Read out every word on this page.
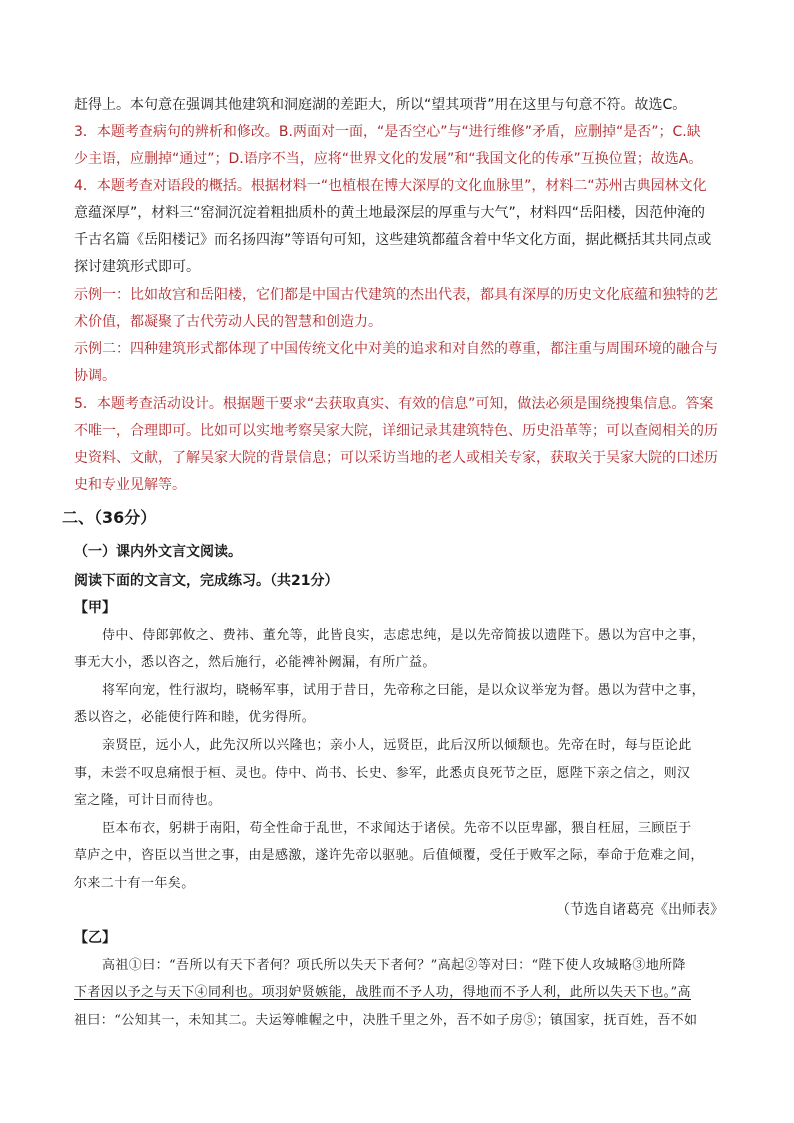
赶得上。本句意在强调其他建筑和洞庭湖的差距大，所以“望其项背”用在这里与句意不符。故选C。
3．本题考查病句的辨析和修改。B.两面对一面，“是否空心”与“进行维修”矛盾，应删掉“是否”；C.缺
少主语，应删掉“通过”；D.语序不当，应将“世界文化的发展”和“我国文化的传承”互换位置；故选A。
4．本题考查对语段的概括。根据材料一“也植根在博大深厚的文化血脉里”，材料二“苏州古典园林文化
意蕴深厚”，材料三“窑洞沉淀着粗拙质朴的黄土地最深层的厚重与大气”，材料四“岳阳楼，因范仲淹的
千古名篇《岳阳楼记》而名扬四海”等语句可知，这些建筑都蕴含着中华文化方面，据此概括其共同点或
探讨建筑形式即可。
示例一：比如故宫和岳阳楼，它们都是中国古代建筑的杰出代表，都具有深厚的历史文化底蕴和独特的艺
术价值，都凝聚了古代劳动人民的智慧和创造力。
示例二：四种建筑形式都体现了中国传统文化中对美的追求和对自然的尊重，都注重与周围环境的融合与
协调。
5．本题考查活动设计。根据题干要求“去获取真实、有效的信息”可知，做法必须是围绕搜集信息。答案
不唯一，合理即可。比如可以实地考察吴家大院，详细记录其建筑特色、历史沿革等；可以查阅相关的历
史资料、文献，了解吴家大院的背景信息；可以采访当地的老人或相关专家，获取关于吴家大院的口述历
史和专业见解等。
二、（36分）
（一）课内外文言文阅读。
阅读下面的文言文，完成练习。（共21分）
【甲】
侍中、侍郎郭攸之、费祎、董允等，此皆良实，志虑忠纯，是以先帝简拔以遗陛下。愚以为宫中之事，
事无大小，悉以咨之，然后施行，必能裨补阙漏，有所广益。
将军向宠，性行淑均，晓畅军事，试用于昔日，先帝称之曰能，是以众议举宠为督。愚以为营中之事，
悉以咨之，必能使行阵和睦，优劣得所。
亲贤臣，远小人，此先汉所以兴隆也；亲小人，远贤臣，此后汉所以倾颓也。先帝在时，每与臣论此
事，未尝不叹息痛恨于桓、灵也。侍中、尚书、长史、参军，此悉贞良死节之臣，愿陛下亲之信之，则汉
室之隆，可计日而待也。
臣本布衣，躬耕于南阳，苟全性命于乱世，不求闻达于诸侯。先帝不以臣卑鄙，猥自枉屈，三顾臣于
草庐之中，咨臣以当世之事，由是感激，遂许先帝以驱驰。后值倾覆，受任于败军之际，奉命于危难之间，
尔来二十有一年矣。
（节选自诸葛亮《出师表》
【乙】
高祖①曰：“吾所以有天下者何？项氏所以失天下者何？”高起②等对曰：“陛下使人攻城略③地所降
下者因以予之与天下④同利也。项羽妒贤嫉能，战胜而不予人功，得地而不予人利，此所以失天下也。”高
祖曰：“公知其一，未知其二。夫运筹帷幄之中，决胜千里之外，吾不如子房⑤；镇国家，抚百姓，吾不如
